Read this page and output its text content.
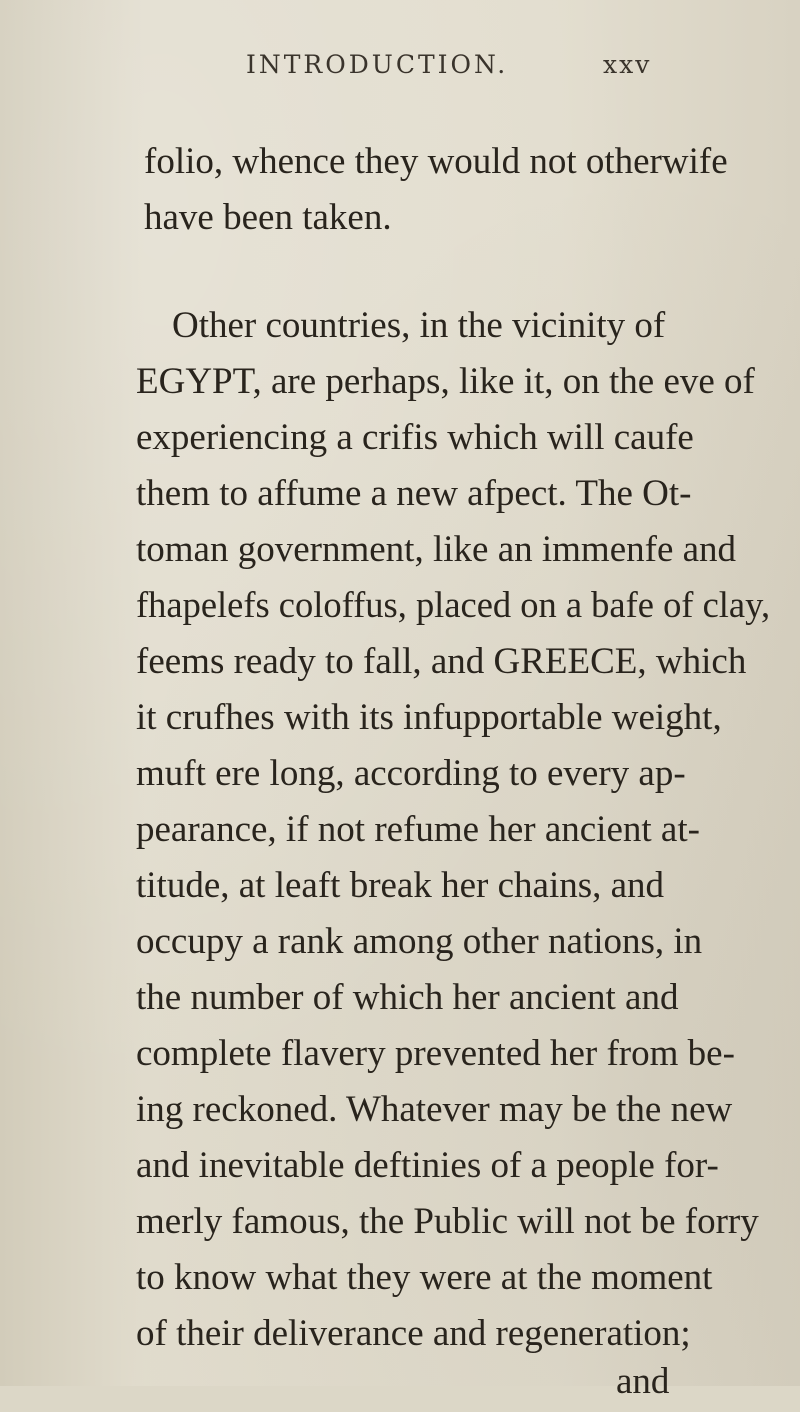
INTRODUCTION.	xxv
folio, whence they would not otherwife
have been taken.
Other countries, in the vicinity of
EGYPT, are perhaps, like it, on the eve of
experiencing a crifis which will caufe
them to affume a new afpect. The Ot-
toman government, like an immenfe and
fhapelefs coloffus, placed on a bafe of clay,
feems ready to fall, and GREECE, which
it crufhes with its infupportable weight,
muft ere long, according to every ap-
pearance, if not refume her ancient at-
titude, at leaft break her chains, and
occupy a rank among other nations, in
the number of which her ancient and
complete flavery prevented her from be-
ing reckoned. Whatever may be the new
and inevitable deftinies of a people for-
merly famous, the Public will not be forry
to know what they were at the moment
of their deliverance and regeneration;
and
